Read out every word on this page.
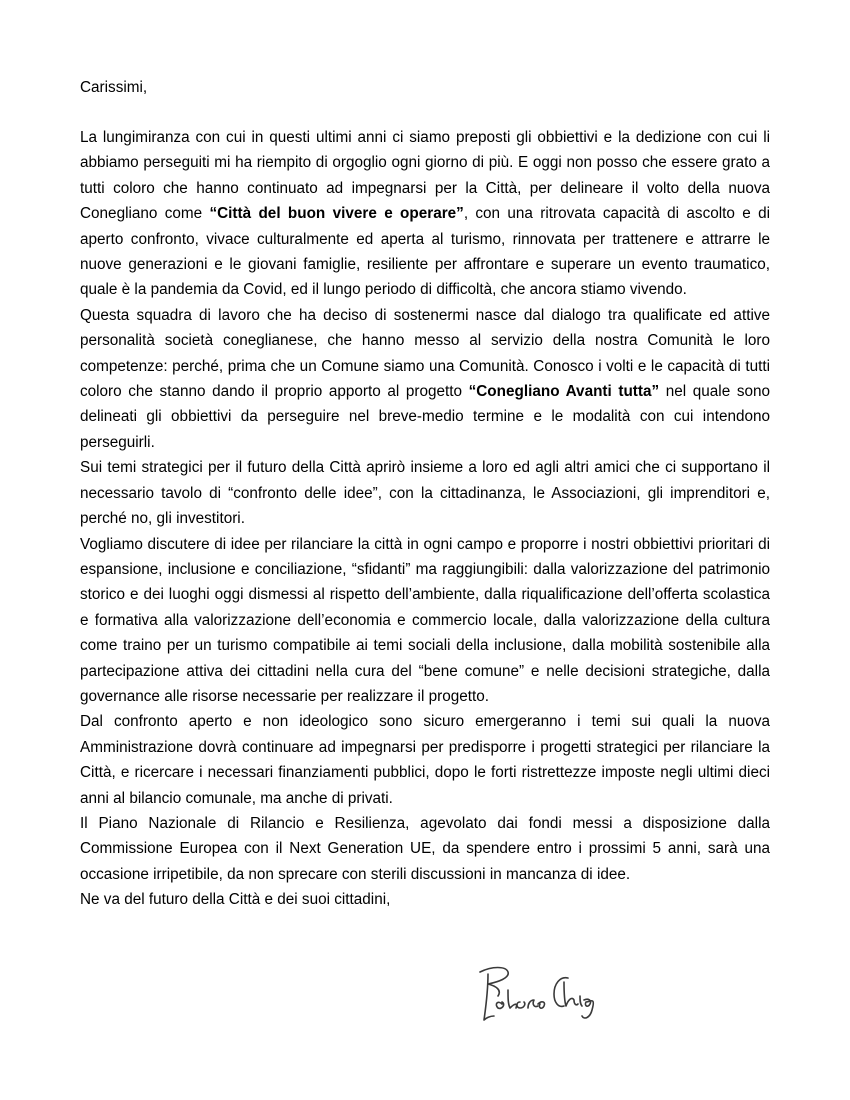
Carissimi,

La lungimiranza con cui in questi ultimi anni ci siamo preposti gli obbiettivi e la dedizione con cui li abbiamo perseguiti mi ha riempito di orgoglio ogni giorno di più. E oggi non posso che essere grato a tutti coloro che hanno continuato ad impegnarsi per la Città, per delineare il volto della nuova Conegliano come “Città del buon vivere e operare”, con una ritrovata capacità di ascolto e di aperto confronto, vivace culturalmente ed aperta al turismo, rinnovata per trattenere e attrarre le nuove generazioni e le giovani famiglie, resiliente per affrontare e superare un evento traumatico, quale è la pandemia da Covid, ed il lungo periodo di difficoltà, che ancora stiamo vivendo.

Questa squadra di lavoro che ha deciso di sostenermi nasce dal dialogo tra qualificate ed attive personalità società coneglianese, che hanno messo al servizio della nostra Comunità le loro competenze: perché, prima che un Comune siamo una Comunità. Conosco i volti e le capacità di tutti coloro che stanno dando il proprio apporto al progetto “Conegliano Avanti tutta” nel quale sono delineati gli obbiettivi da perseguire nel breve-medio termine e le modalità con cui intendono perseguirli.

Sui temi strategici per il futuro della Città aprirò insieme a loro ed agli altri amici che ci supportano il necessario tavolo di “confronto delle idee”, con la cittadinanza, le Associazioni, gli imprenditori e, perché no, gli investitori.

Vogliamo discutere di idee per rilanciare la città in ogni campo e proporre i nostri obbiettivi prioritari di espansione, inclusione e conciliazione, “sfidanti” ma raggiungibili: dalla valorizzazione del patrimonio storico e dei luoghi oggi dismessi al rispetto dell’ambiente, dalla riqualificazione dell’offerta scolastica e formativa alla valorizzazione dell’economia e commercio locale, dalla valorizzazione della cultura come traino per un turismo compatibile ai temi sociali della inclusione, dalla mobilità sostenibile alla partecipazione attiva dei cittadini nella cura del “bene comune” e nelle decisioni strategiche, dalla governance alle risorse necessarie per realizzare il progetto.

Dal confronto aperto e non ideologico sono sicuro emergeranno i temi sui quali la nuova Amministrazione dovrà continuare ad impegnarsi per predisporre i progetti strategici per rilanciare la Città, e ricercare i necessari finanziamenti pubblici, dopo le forti ristrettezze imposte negli ultimi dieci anni al bilancio comunale, ma anche di privati.

Il Piano Nazionale di Rilancio e Resilienza, agevolato dai fondi messi a disposizione dalla Commissione Europea con il Next Generation UE, da spendere entro i prossimi 5 anni, sarà una occasione irripetibile, da non sprecare con sterili discussioni in mancanza di idee.

Ne va del futuro della Città e dei suoi cittadini,
